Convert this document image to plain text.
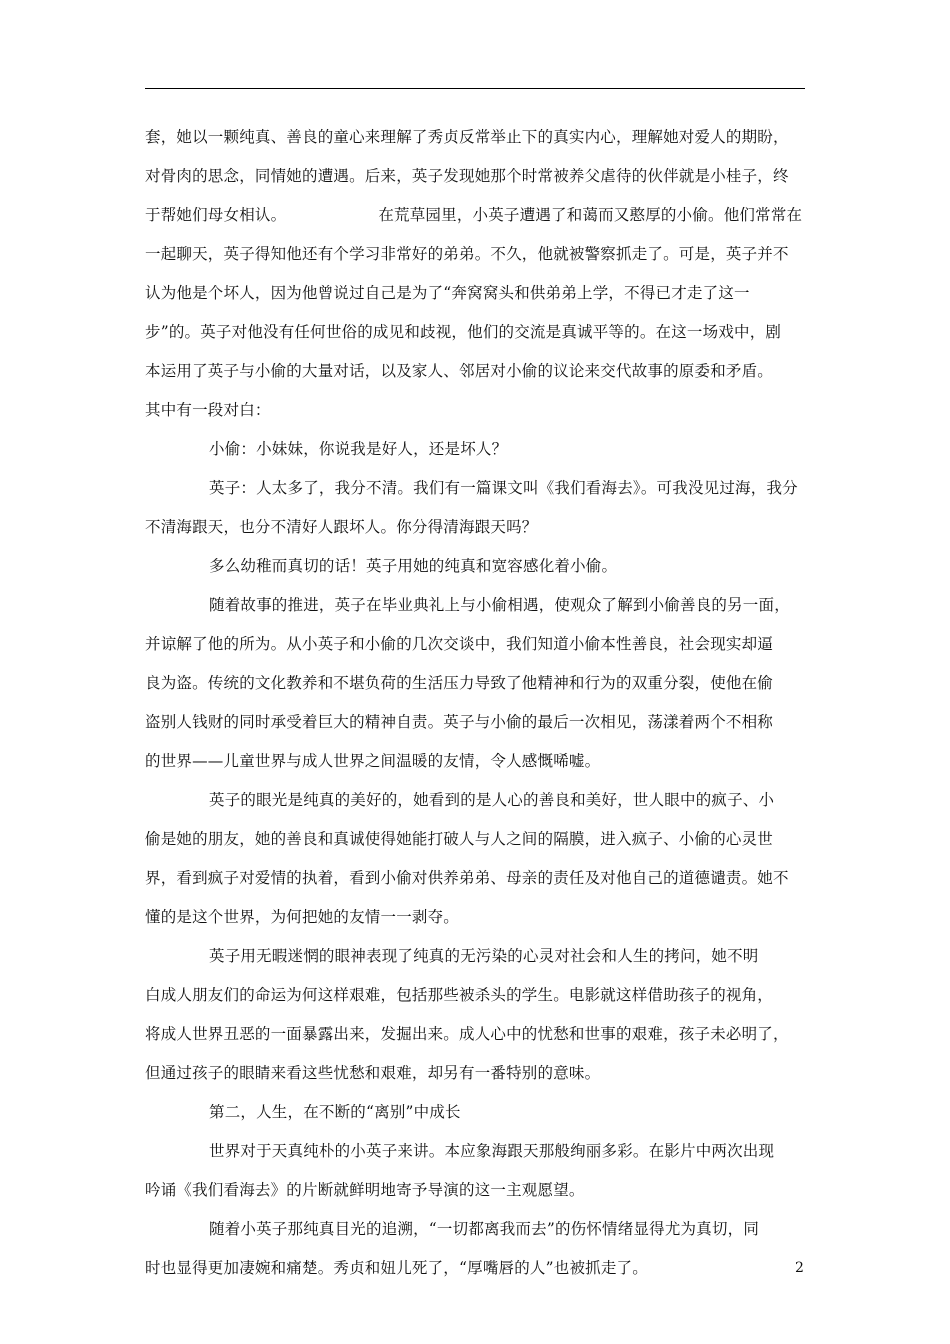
套，她以一颗纯真、善良的童心来理解了秀贞反常举止下的真实内心，理解她对爱人的期盼，
对骨肉的思念，同情她的遭遇。后来，英子发现她那个时常被养父虐待的伙伴就是小桂子，终
于帮她们母女相认。	在荒草园里，小英子遭遇了和蔼而又憨厚的小偷。他们常常在
一起聊天，英子得知他还有个学习非常好的弟弟。不久，他就被警察抓走了。可是，英子并不
认为他是个坏人，因为他曾说过自己是为了“奔窝窝头和供弟弟上学，不得已才走了这一
步”的。英子对他没有任何世俗的成见和歧视，他们的交流是真诚平等的。在这一场戏中，剧
本运用了英子与小偷的大量对话，以及家人、邻居对小偷的议论来交代故事的原委和矛盾。
其中有一段对白：
小偷：小妹妹，你说我是好人，还是坏人？
英子：人太多了，我分不清。我们有一篇课文叫《我们看海去》。可我没见过海，我分
不清海跟天，也分不清好人跟坏人。你分得清海跟天吗？
多么幼稚而真切的话！英子用她的纯真和宽容感化着小偷。
随着故事的推进，英子在毕业典礼上与小偷相遇，使观众了解到小偷善良的另一面，
并谅解了他的所为。从小英子和小偷的几次交谈中，我们知道小偷本性善良，社会现实却逼
良为盗。传统的文化教养和不堪负荷的生活压力导致了他精神和行为的双重分裂，使他在偷
盗别人钱财的同时承受着巨大的精神自责。英子与小偷的最后一次相见，荡漾着两个不相称
的世界——儿童世界与成人世界之间温暖的友情，令人感慨唏嘘。
英子的眼光是纯真的美好的，她看到的是人心的善良和美好，世人眼中的疯子、小
偷是她的朋友，她的善良和真诚使得她能打破人与人之间的隔膜，进入疯子、小偷的心灵世
界，看到疯子对爱情的执着，看到小偷对供养弟弟、母亲的责任及对他自己的道德谴责。她不
懂的是这个世界，为何把她的友情一一剥夺。
英子用无暇迷惘的眼神表现了纯真的无污染的心灵对社会和人生的拷问，她不明
白成人朋友们的命运为何这样艰难，包括那些被杀头的学生。电影就这样借助孩子的视角，
将成人世界丑恶的一面暴露出来，发掘出来。成人心中的忧愁和世事的艰难，孩子未必明了，
但通过孩子的眼睛来看这些忧愁和艰难，却另有一番特别的意味。
第二，人生，在不断的“离别”中成长
世界对于天真纯朴的小英子来讲。本应象海跟天那般绚丽多彩。在影片中两次出现
吟诵《我们看海去》的片断就鲜明地寄予导演的这一主观愿望。
随着小英子那纯真目光的追溯，“一切都离我而去”的伤怀情绪显得尤为真切，同
时也显得更加凄婉和痛楚。秀贞和妞儿死了，“厚嘴唇的人”也被抓走了。	2
